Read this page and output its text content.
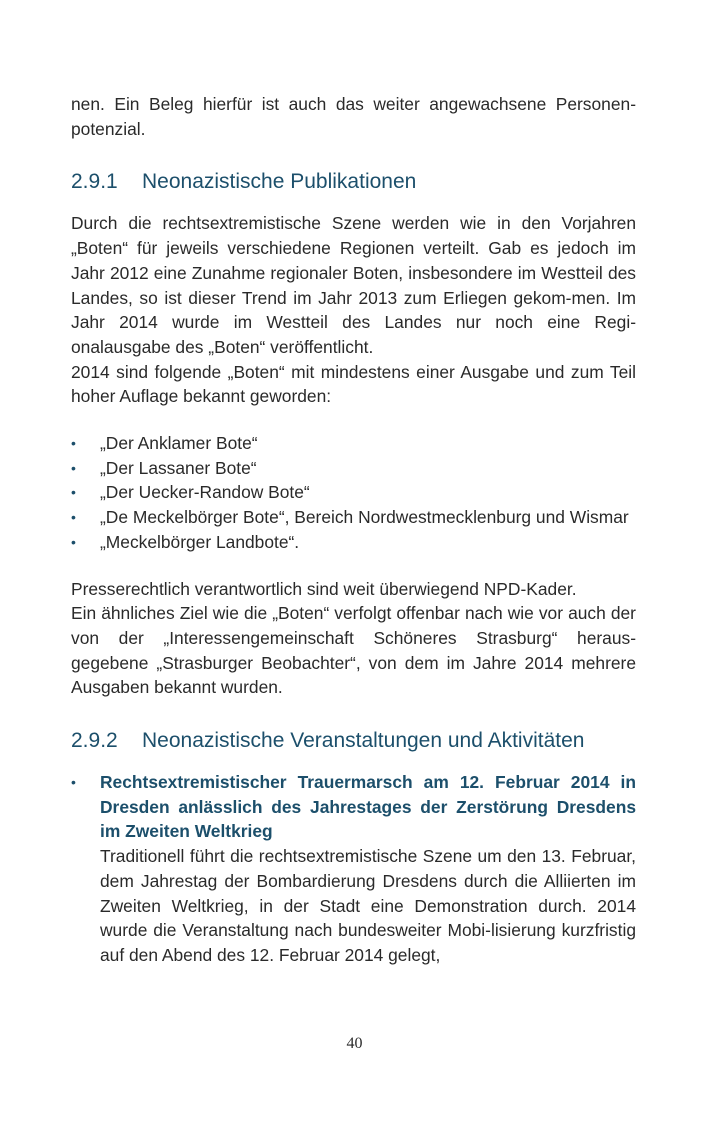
nen. Ein Beleg hierfür ist auch das weiter angewachsene Personen- potenzial.

2.9.1 Neonazistische Publikationen

Durch die rechtsextremistische Szene werden wie in den Vorjahren „Boten“ für jeweils verschiedene Regionen verteilt. Gab es jedoch im Jahr 2012 eine Zunahme regionaler Boten, insbesondere im Westteil des Landes, so ist dieser Trend im Jahr 2013 zum Erliegen gekom-men. Im Jahr 2014 wurde im Westteil des Landes nur noch eine Regi-onalausgabe des „Boten“ veröffentlicht.

2014 sind folgende „Boten“ mit mindestens einer Ausgabe und zum Teil hoher Auflage bekannt geworden:

• „Der Anklamer Bote“
• „Der Lassaner Bote“
• „Der Uecker-Randow Bote“
• „De Meckelbörger Bote“, Bereich Nordwestmecklenburg und Wismar
• „Meckelbörger Landbote“.

Presserechtlich verantwortlich sind weit überwiegend NPD-Kader.

Ein ähnliches Ziel wie die „Boten“ verfolgt offenbar nach wie vor auch der von der „Interessengemeinschaft Schöneres Strasburg“ heraus-gegebene „Strasburger Beobachter“, von dem im Jahre 2014 mehrere Ausgaben bekannt wurden.

2.9.2 Neonazistische Veranstaltungen und Aktivitäten
• Rechtsextremistischer Trauermarsch am 12. Februar 2014 in Dresden anlässlich des Jahrestages der Zerstörung Dresdens im Zweiten Weltkrieg
Traditionell führt die rechtsextremistische Szene um den 13. Februar, dem Jahrestag der Bombardierung Dresdens durch die Alliierten im Zweiten Weltkrieg, in der Stadt eine Demonstration durch. 2014 wurde die Veranstaltung nach bundesweiter Mobi-lisierung kurzfristig auf den Abend des 12. Februar 2014 gelegt,
40
